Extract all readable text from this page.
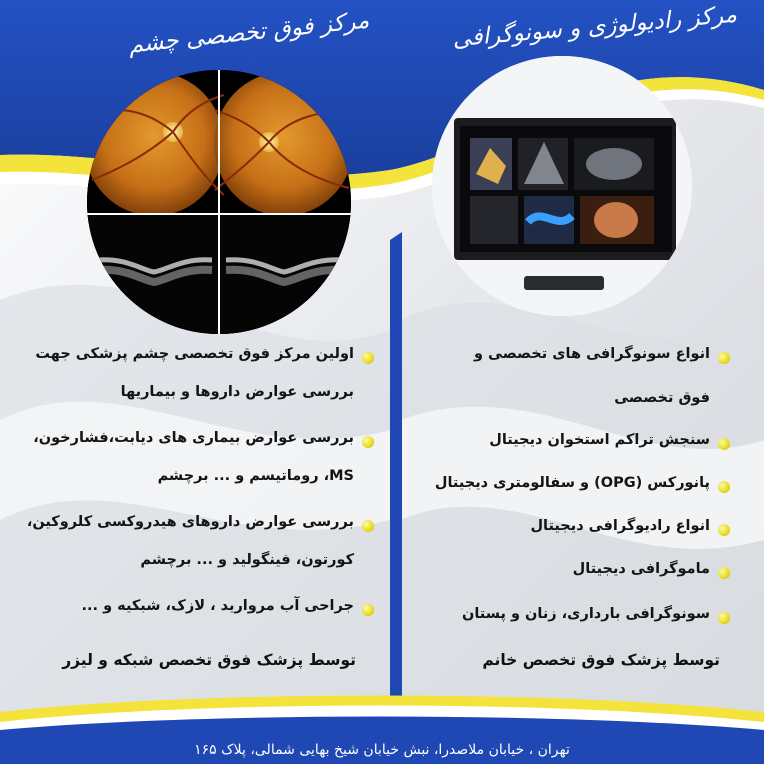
مرکز فوق تخصصی چشم	مرکز رادیولوژی و سونوگرافی
اولین مرکز فوق تخصصی چشم پزشکی جهت
بررسی عوارض داروها و بیماریها
بررسی عوارض بیماری های دیابت،فشارخون،
MS، روماتیسم و ... برچشم
بررسی عوارض داروهای هیدروکسی کلروکین،
کورتون، فینگولید و ... برچشم
جراحی آب مروارید ، لازک، شبکیه و ...
توسط پزشک فوق تخصص شبکه و لیزر
انواع سونوگرافی های تخصصی و
فوق تخصصی
سنجش تراکم استخوان دیجیتال
پانورکس (OPG) و سفالومتری دیجیتال
انواع رادیوگرافی دیجیتال
ماموگرافی دیجیتال
سونوگرافی بارداری، زنان و پستان
توسط پزشک فوق تخصص خانم
تهران ، خیابان ملاصدرا، نبش خیابان شیخ بهایی شمالی، پلاک ۱۶۵
